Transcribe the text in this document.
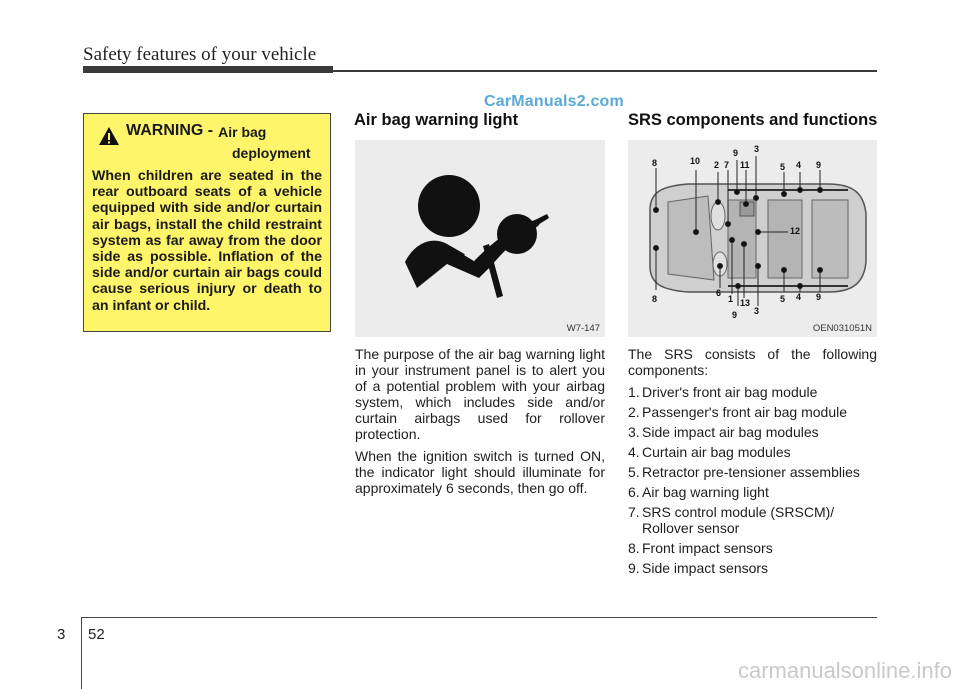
Safety features of your vehicle
CarManuals2.com
WARNING - Air bag
deployment
When children are seated in the rear outboard seats of a vehicle equipped with side and/or curtain air bags, install the child restraint system as far away from the door side as possible. Inflation of the side and/or curtain air bags could cause serious injury or death to an infant or child.
Air bag warning light
W7-147

The purpose of the air bag warning light in your instrument panel is to alert you of a potential problem with your airbag system, which includes side and/or curtain airbags used for rollover protection.

When the ignition switch is turned ON, the indicator light should illuminate for approximately 6 seconds, then go off.

SRS components and functions
8	10 2 7
9
11
3
5 4 9
8
6
1 13
9 3
5 4 9
12
OEN031051N

The SRS consists of the following components:

1. Driver's front air bag module
2. Passenger's front air bag module
3. Side impact air bag modules
4. Curtain air bag modules
5. Retractor pre-tensioner assemblies
6. Air bag warning light
7. SRS control module (SRSCM)/ Rollover sensor
8. Front impact sensors
9. Side impact sensors
3 52
carmanualsonline.info
